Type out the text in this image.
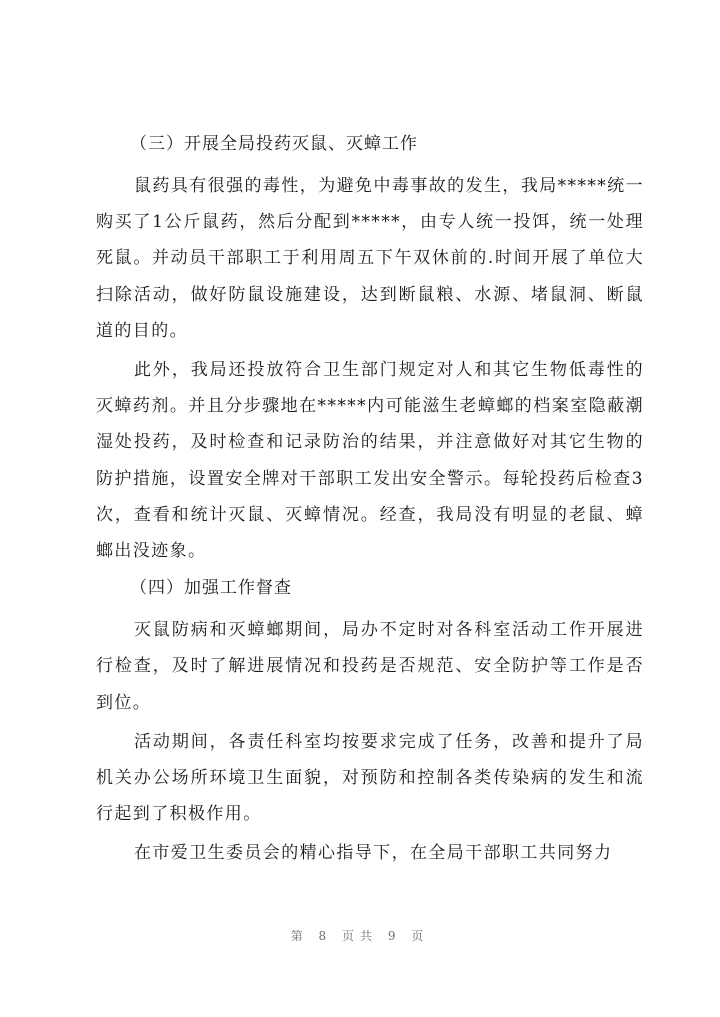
（三）开展全局投药灭鼠、灭蟑工作

鼠药具有很强的毒性，为避免中毒事故的发生，我局*****统一购买了1公斤鼠药，然后分配到*****，由专人统一投饵，统一处理死鼠。并动员干部职工于利用周五下午双休前的.时间开展了单位大扫除活动，做好防鼠设施建设，达到断鼠粮、水源、堵鼠洞、断鼠道的目的。

此外，我局还投放符合卫生部门规定对人和其它生物低毒性的灭蟑药剂。并且分步骤地在*****内可能滋生老蟑螂的档案室隐蔽潮湿处投药，及时检查和记录防治的结果，并注意做好对其它生物的防护措施，设置安全牌对干部职工发出安全警示。每轮投药后检查3次，查看和统计灭鼠、灭蟑情况。经查，我局没有明显的老鼠、蟑螂出没迹象。

（四）加强工作督查

灭鼠防病和灭蟑螂期间，局办不定时对各科室活动工作开展进行检查，及时了解进展情况和投药是否规范、安全防护等工作是否到位。

活动期间，各责任科室均按要求完成了任务，改善和提升了局机关办公场所环境卫生面貌，对预防和控制各类传染病的发生和流行起到了积极作用。

在市爱卫生委员会的精心指导下，在全局干部职工共同努力

第 8 页共 9 页
